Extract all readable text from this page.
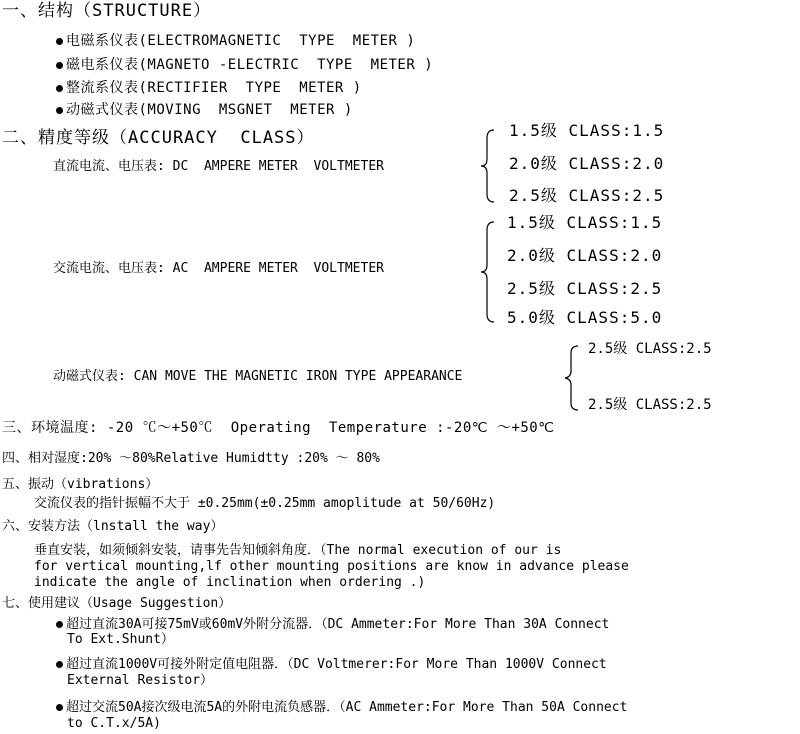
一、结构（STRUCTURE）
电磁系仪表(ELECTROMAGNETIC  TYPE  METER )
磁电系仪表(MAGNETO -ELECTRIC  TYPE  METER )
整流系仪表(RECTIFIER  TYPE  METER )
动磁式仪表(MOVING  MSGNET  METER )
二、精度等级（ACCURACY  CLASS）
直流电流、电压表: DC  AMPERE METER  VOLTMETER
1.5级 CLASS:1.5
2.0级 CLASS:2.0
2.5级 CLASS:2.5
交流电流、电压表: AC  AMPERE METER  VOLTMETER
1.5级 CLASS:1.5
2.0级 CLASS:2.0
2.5级 CLASS:2.5
5.0级 CLASS:5.0
动磁式仪表: CAN MOVE THE MAGNETIC IRON TYPE APPEARANCE
2.5级 CLASS:2.5
2.5级 CLASS:2.5
三、环境温度: -20 ℃～+50℃  Operating  Temperature :-20℃ ～+50℃
四、相对湿度:20% ～80%Relative Humidtty :20% ～ 80%
五、振动（vibrations）
交流仪表的指针振幅不大于 ±0.25mm(±0.25mm amoplitude at 50/60Hz)
六、安装方法（lnstall the way）
垂直安装，如须倾斜安装，请事先告知倾斜角度．（The normal execution of our is
for vertical mounting,lf other mounting positions are know in advance please
indicate the angle of inclination when ordering .)
七、使用建议（Usage Suggestion）
超过直流30A可接75mV或60mV外附分流器．（DC Ammeter:For More Than 30A Connect
To Ext.Shunt）
超过直流1000V可接外附定值电阻器．（DC Voltmerer:For More Than 1000V Connect
External Resistor）
超过交流50A接次级电流5A的外附电流负感器．（AC Ammeter:For More Than 50A Connect
to C.T.x/5A)
